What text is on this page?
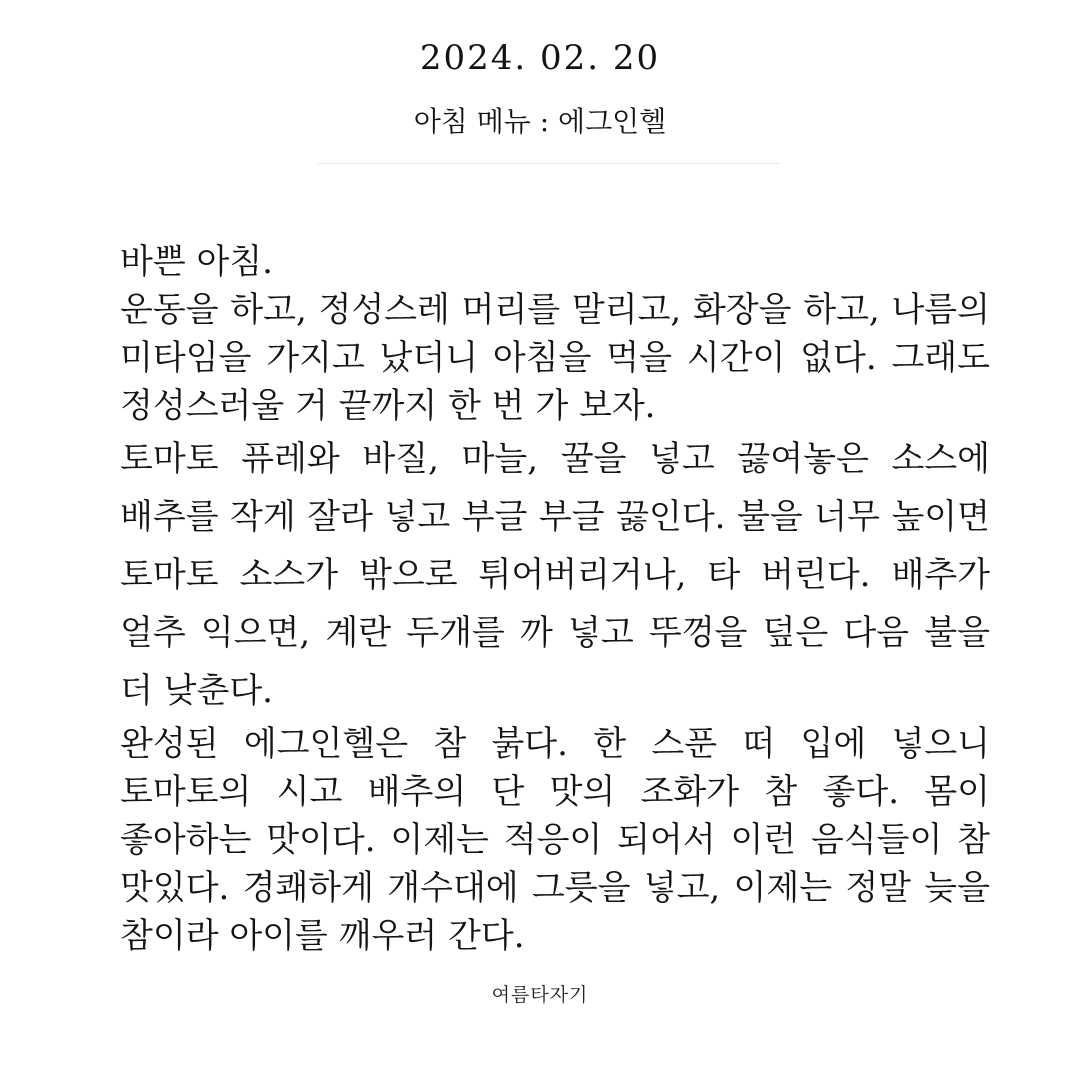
2024. 02. 20
아침 메뉴 : 에그인헬

바쁜 아침.

운동을 하고, 정성스레 머리를 말리고, 화장을 하고, 나름의 미타임을 가지고 났더니 아침을 먹을 시간이 없다. 그래도 정성스러울 거 끝까지 한 번 가 보자.

토마토 퓨레와 바질, 마늘, 꿀을 넣고 끓여놓은 소스에 배추를 작게 잘라 넣고 부글 부글 끓인다. 불을 너무 높이면 토마토 소스가 밖으로 튀어버리거나, 타 버린다. 배추가 얼추 익으면, 계란 두개를 까 넣고 뚜껑을 덮은 다음 불을 더 낮춘다.

완성된 에그인헬은 참 붉다. 한 스푼 떠 입에 넣으니 토마토의 시고 배추의 단 맛의 조화가 참 좋다. 몸이 좋아하는 맛이다. 이제는 적응이 되어서 이런 음식들이 참 맛있다. 경쾌하게 개수대에 그릇을 넣고, 이제는 정말 늦을 참이라 아이를 깨우러 간다.

여름타자기
